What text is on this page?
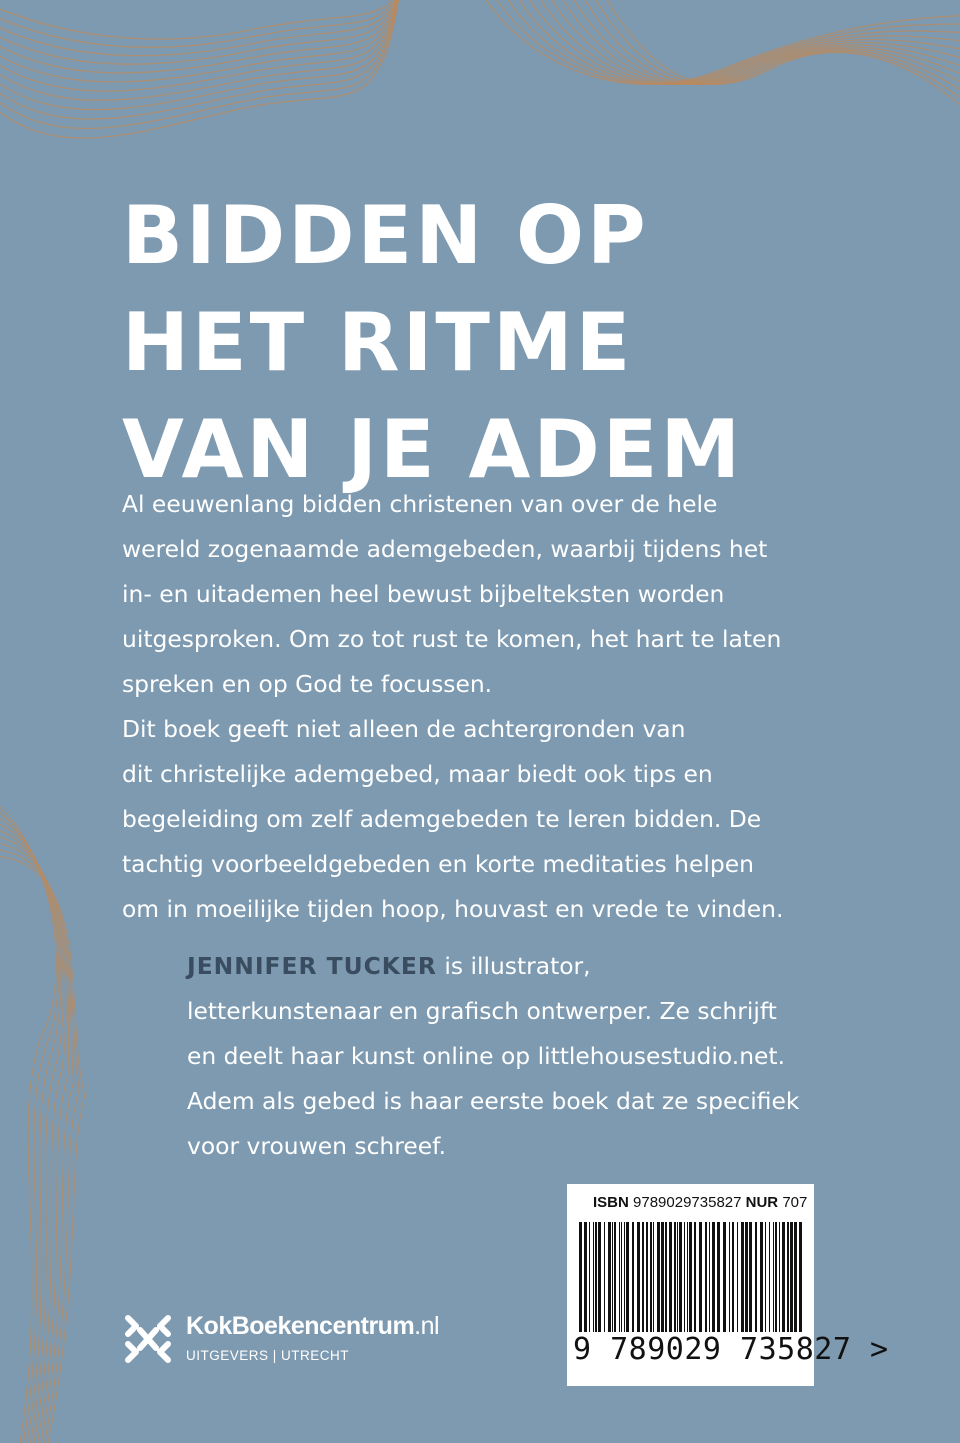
BIDDEN OP
HET RITME
VAN JE ADEM
Al eeuwenlang bidden christenen van over de hele
wereld zogenaamde ademgebeden, waarbij tijdens het
in- en uitademen heel bewust bijbelteksten worden
uitgesproken. Om zo tot rust te komen, het hart te laten
spreken en op God te focussen.
Dit boek geeft niet alleen de achtergronden van
dit christelijke ademgebed, maar biedt ook tips en
begeleiding om zelf ademgebeden te leren bidden. De
tachtig voorbeeldgebeden en korte meditaties helpen
om in moeilijke tijden hoop, houvast en vrede te vinden.
JENNIFER TUCKER is illustrator,
letterkunstenaar en grafisch ontwerper. Ze schrijft
en deelt haar kunst online op littlehousestudio.net.
Adem als gebed is haar eerste boek dat ze specifiek
voor vrouwen schreef.
ISBN 9789029735827 NUR 707
9 789029 735827 >
KokBoekencentrum.nl
UITGEVERS | UTRECHT
